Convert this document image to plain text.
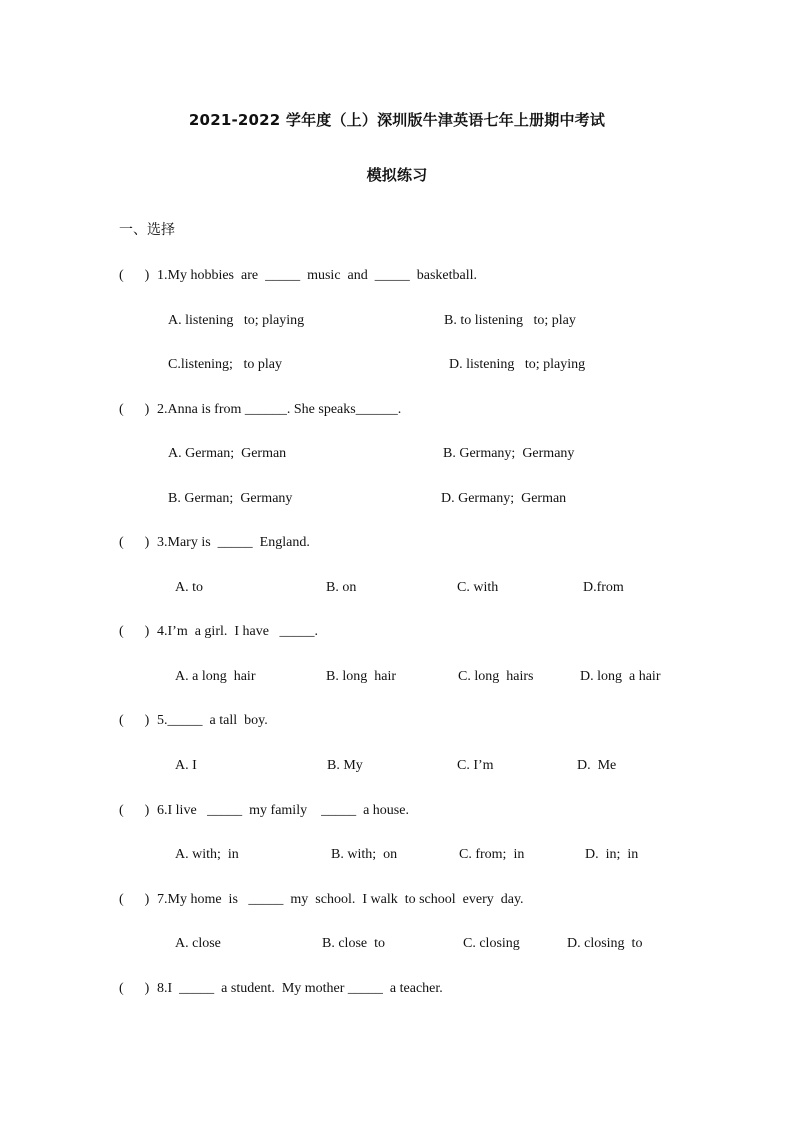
2021-2022 学年度（上）深圳版牛津英语七年上册期中考试
模拟练习
一、选择
(      ) 1.My hobbies  are  _____  music  and  _____  basketball.
A. listening   to; playing	B. to listening   to; play
C.listening;   to play	D. listening   to; playing
(      ) 2.Anna is from ______. She speaks______.
A. German;  German	B. Germany;  Germany
B. German;  Germany	D. Germany;  German
(      ) 3.Mary is  _____  England.
A. to	B. on	C. with	D.from
(      ) 4.I’m  a girl.  I have   _____.
A. a long  hair	B. long  hair	C. long  hairs	D. long  a hair
(      ) 5._____  a tall  boy.
A. I	B. My	C. I’m	D.  Me
(      ) 6.I live   _____  my family    _____  a house.
A. with;  in	B. with;  on	C. from;  in	D.  in;  in
(      ) 7.My home  is   _____  my  school.  I walk  to school  every  day.
A. close	B. close  to	C. closing	D. closing  to
(      ) 8.I  _____  a student.  My mother _____  a teacher.
